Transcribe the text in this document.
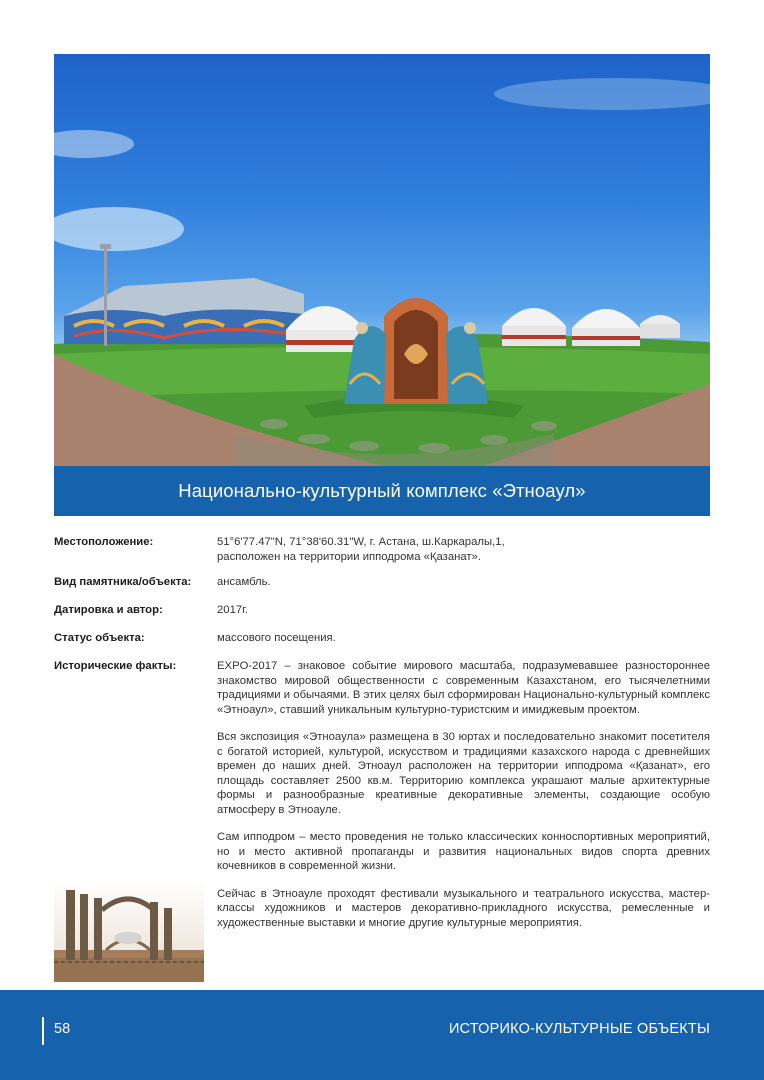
Национально-культурный комплекс «Этноаул»
Местоположение:	51°6'77.47"N, 71°38'60.31"W, г. Астана, ш.Каркаралы,1,
расположен на территории ипподрома «Қазанат».
Вид памятника/объекта:	ансамбль.
Датировка и автор:	2017г.
Статус объекта:	массового посещения.
Исторические факты:	EXPO-2017 – знаковое событие мирового масштаба, подразумевавшее разностороннее знакомство мировой общественности с современным Казахстаном, его тысячелетними традициями и обычаями. В этих целях был сформирован Национально-культурный комплекс «Этноаул», ставший уникальным культурно-туристским и имиджевым проектом.

Вся экспозиция «Этноаула» размещена в 30 юртах и последовательно знакомит посетителя с богатой историей, культурой, искусством и традициями казахского народа с древнейших времен до наших дней. Этноаул расположен на территории ипподрома «Қазанат», его площадь составляет 2500 кв.м. Территорию комплекса украшают малые архитектурные формы и разнообразные креативные декоративные элементы, создающие особую атмосферу в Этноауле.

Сам ипподром – место проведения не только классических конноспортивных мероприятий, но и место активной пропаганды и развития национальных видов спорта древних кочевников в современной жизни.

Сейчас в Этноауле проходят фестивали музыкального и театрального искусства, мастер-классы художников и мастеров декоративно-прикладного искусства, ремесленные и художественные выставки и многие другие культурные мероприятия.

58	ИСТОРИКО-КУЛЬТУРНЫЕ ОБЪЕКТЫ
